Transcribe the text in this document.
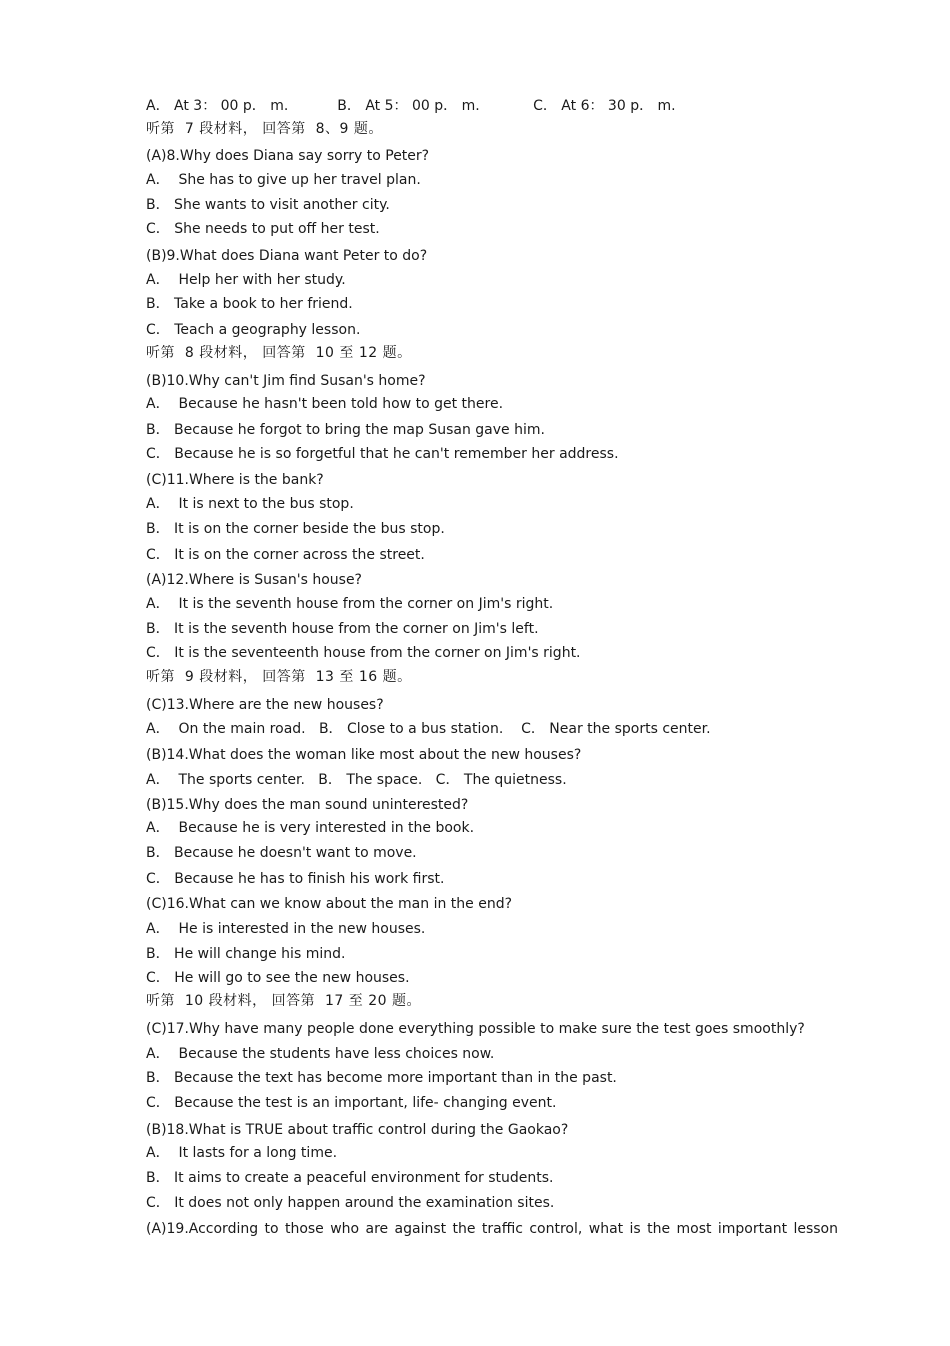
A． At 3： 00 p． m.           B． At 5： 00 p． m.            C． At 6： 30 p． m.
听第  7 段材料， 回答第  8、9 题。
(A)8.Why does Diana say sorry to Peter?
A．  She has to give up her travel plan.
B． She wants to visit another city.
C． She needs to put off her test.
(B)9.What does Diana want Peter to do?
A．  Help her with her study.
B． Take a book to her friend.
C． Teach a geography lesson.
听第  8 段材料， 回答第  10 至 12 题。
(B)10.Why can't Jim find Susan's home?
A．  Because he hasn't been told how to get there.
B． Because he forgot to bring the map Susan gave him.
C． Because he is so forgetful that he can't remember her address.
(C)11.Where is the bank?
A．  It is next to the bus stop.
B． It is on the corner beside the bus stop.
C． It is on the corner across the street.
(A)12.Where is Susan's house?
A．  It is the seventh house from the corner on Jim's right.
B． It is the seventh house from the corner on Jim's left.
C． It is the seventeenth house from the corner on Jim's right.
听第  9 段材料， 回答第  13 至 16 题。
(C)13.Where are the new houses?
A．  On the main road.   B． Close to a bus station.    C． Near the sports center.
(B)14.What does the woman like most about the new houses?
A．  The sports center.   B． The space.   C． The quietness.
(B)15.Why does the man sound uninterested?
A．  Because he is very interested in the book.
B． Because he doesn't want to move.
C． Because he has to finish his work first.
(C)16.What can we know about the man in the end?
A．  He is interested in the new houses.
B． He will change his mind.
C． He will go to see the new houses.
听第  10 段材料， 回答第  17 至 20 题。
(C)17.Why have many people done everything possible to make sure the test goes smoothly?
A．  Because the students have less choices now.
B． Because the text has become more important than in the past.
C． Because the test is an important, life- changing event.
(B)18.What is TRUE about traffic control during the Gaokao?
A．  It lasts for a long time.
B． It aims to create a peaceful environment for students.
C． It does not only happen around the examination sites.
(A)19.According to those who are against the traffic control, what is the most important lesson
